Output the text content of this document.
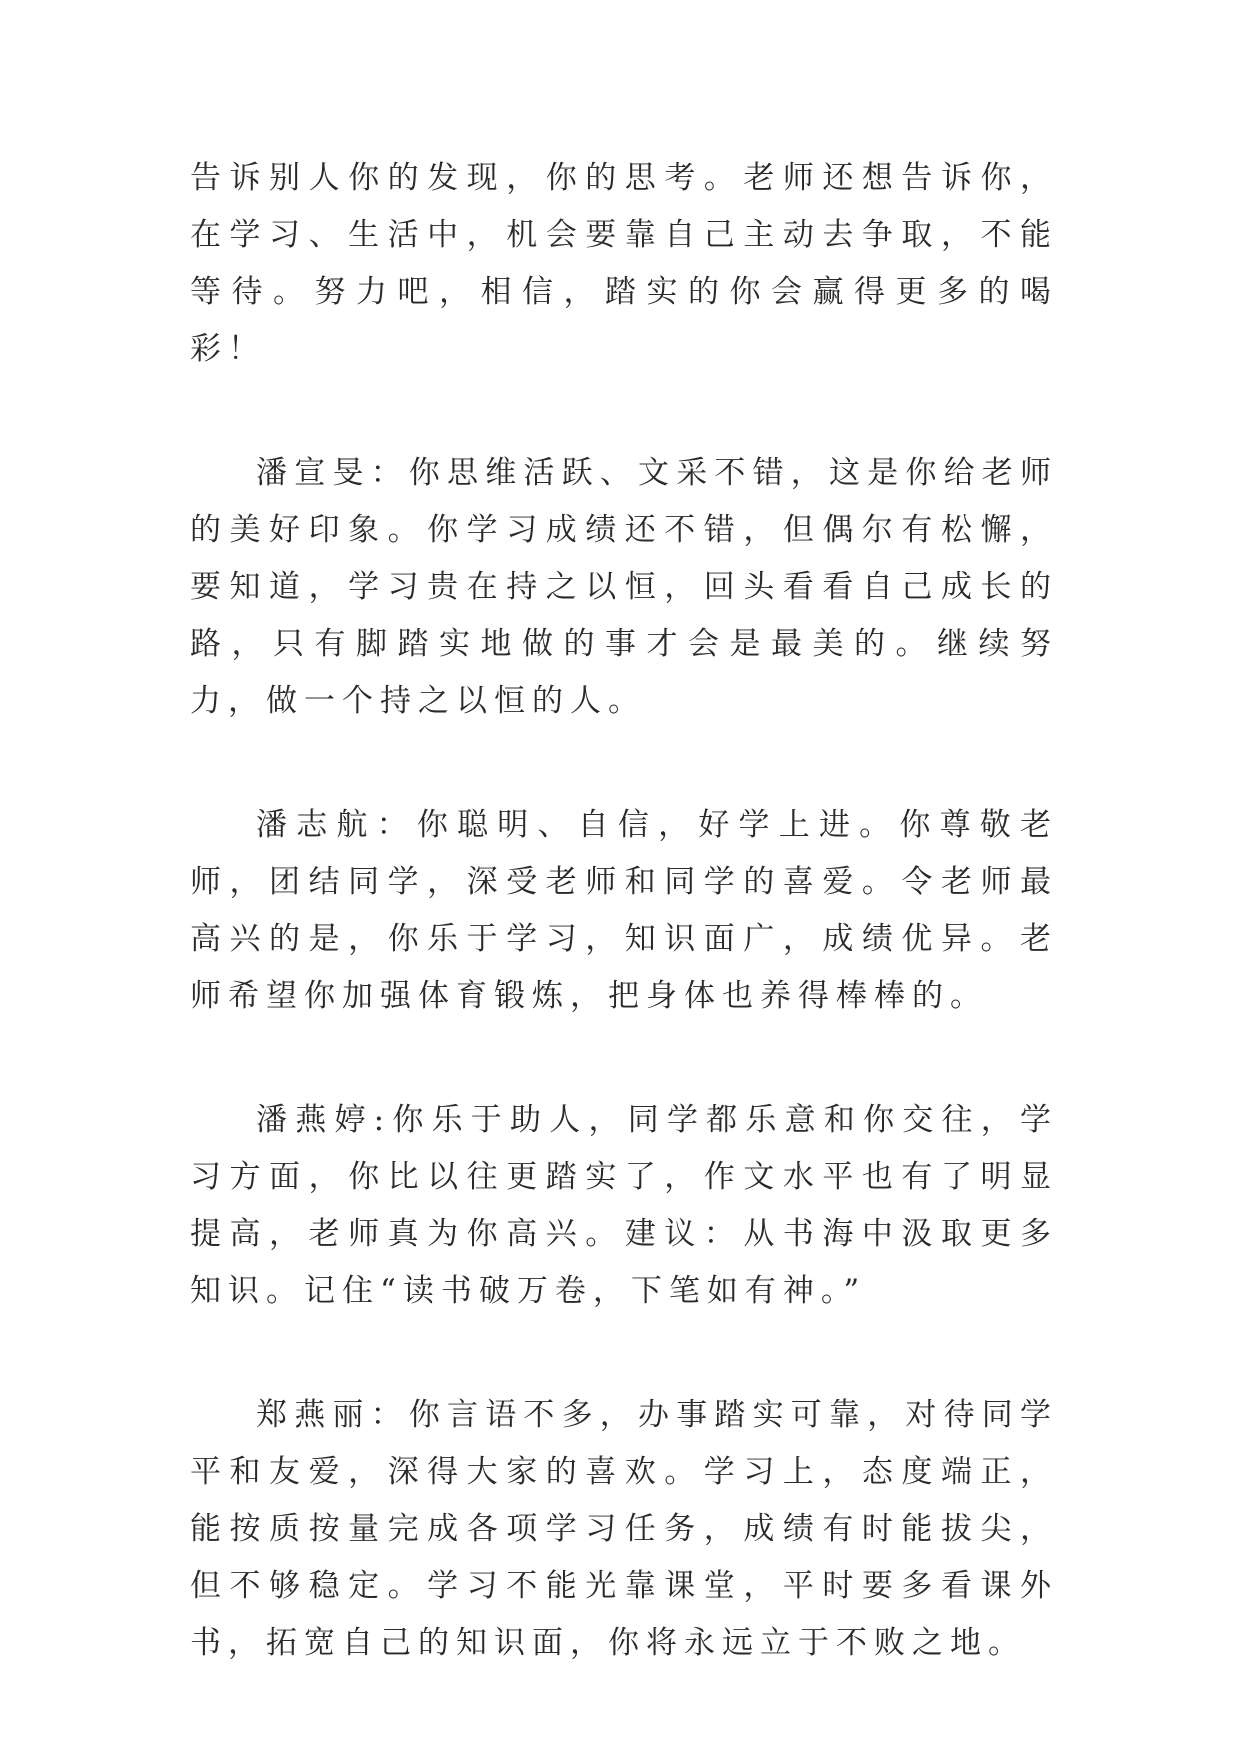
告诉别人你的发现，你的思考。老师还想告诉你，在学习、生活中，机会要靠自己主动去争取，不能等待。努力吧，相信，踏实的你会赢得更多的喝彩！

潘宣旻：你思维活跃、文采不错，这是你给老师的美好印象。你学习成绩还不错，但偶尔有松懈，要知道，学习贵在持之以恒，回头看看自己成长的路，只有脚踏实地做的事才会是最美的。继续努力，做一个持之以恒的人。

潘志航：你聪明、自信，好学上进。你尊敬老师，团结同学，深受老师和同学的喜爱。令老师最高兴的是，你乐于学习，知识面广，成绩优异。老师希望你加强体育锻炼，把身体也养得棒棒的。

潘燕婷:你乐于助人，同学都乐意和你交往，学习方面，你比以往更踏实了，作文水平也有了明显提高，老师真为你高兴。建议：从书海中汲取更多知识。记住“读书破万卷，下笔如有神。”

郑燕丽：你言语不多，办事踏实可靠，对待同学平和友爱，深得大家的喜欢。学习上，态度端正，能按质按量完成各项学习任务，成绩有时能拔尖，但不够稳定。学习不能光靠课堂，平时要多看课外书，拓宽自己的知识面，你将永远立于不败之地。
